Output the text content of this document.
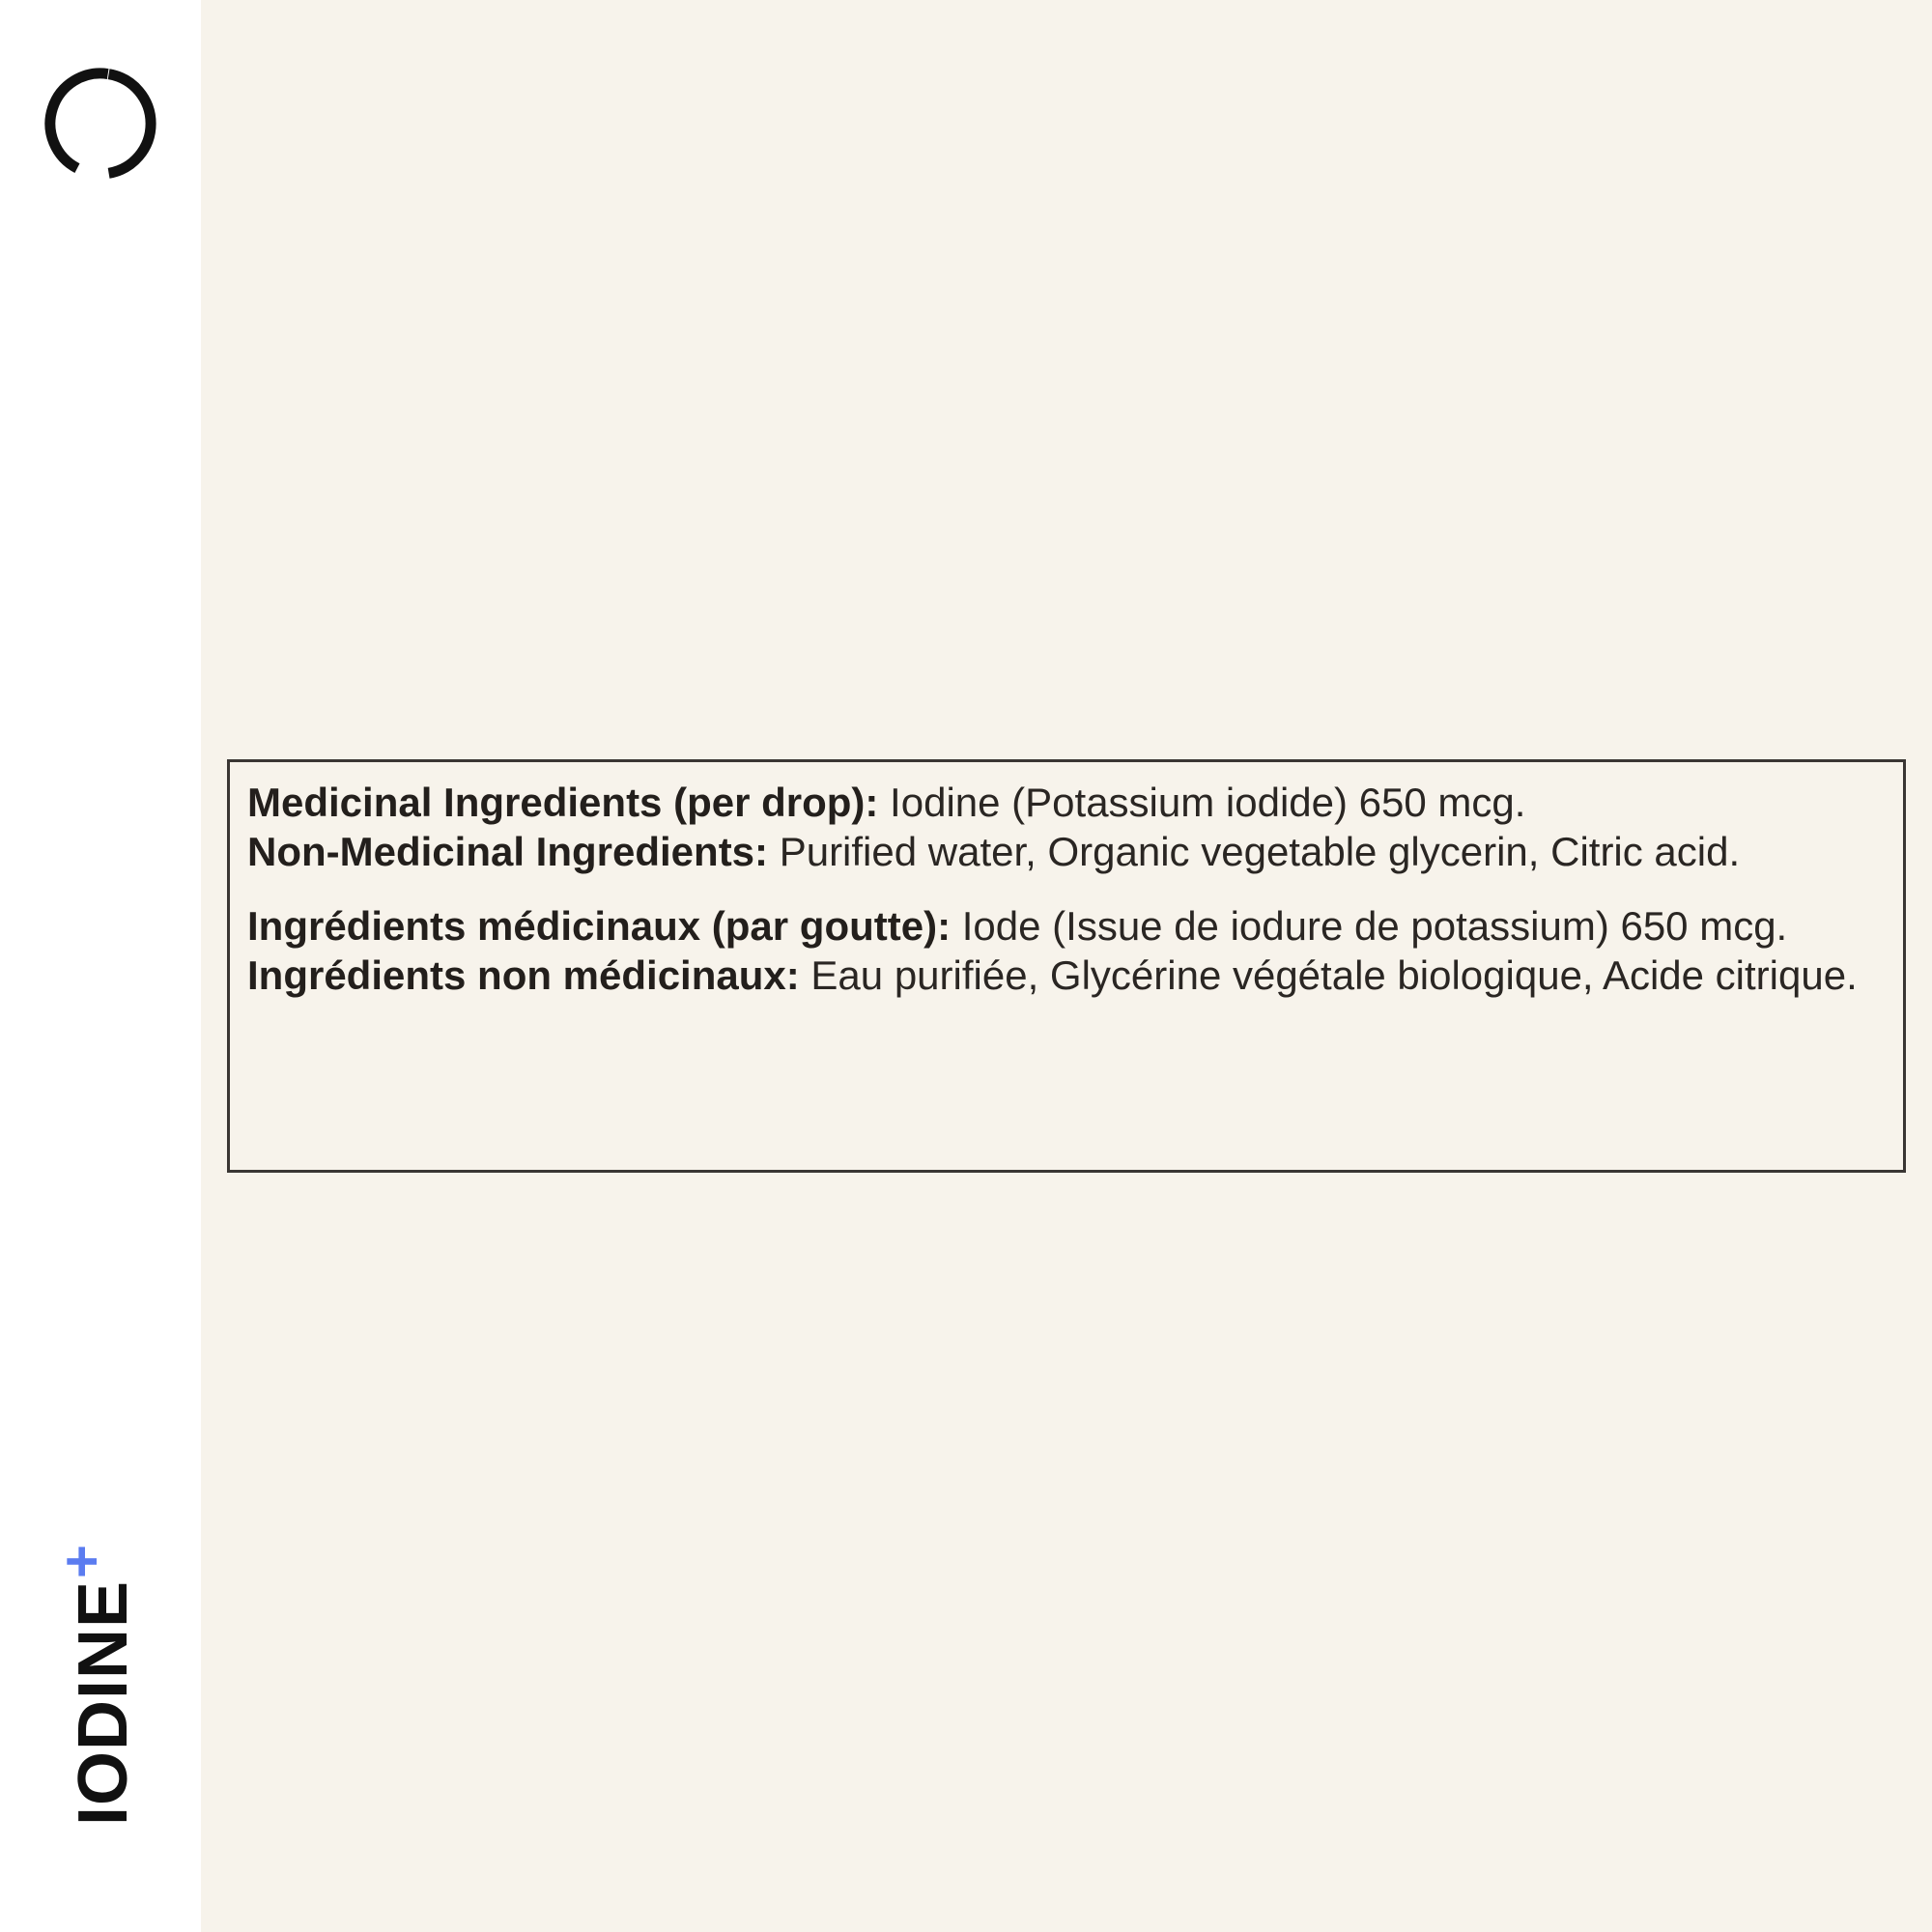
IODINE+

Medicinal Ingredients (per drop): Iodine (Potassium iodide) 650 mcg.
Non-Medicinal Ingredients: Purified water, Organic vegetable glycerin, Citric acid.

Ingrédients médicinaux (par goutte): Iode (Issue de iodure de potassium) 650 mcg.

Ingrédients non médicinaux: Eau purifiée, Glycérine végétale biologique, Acide citrique.
